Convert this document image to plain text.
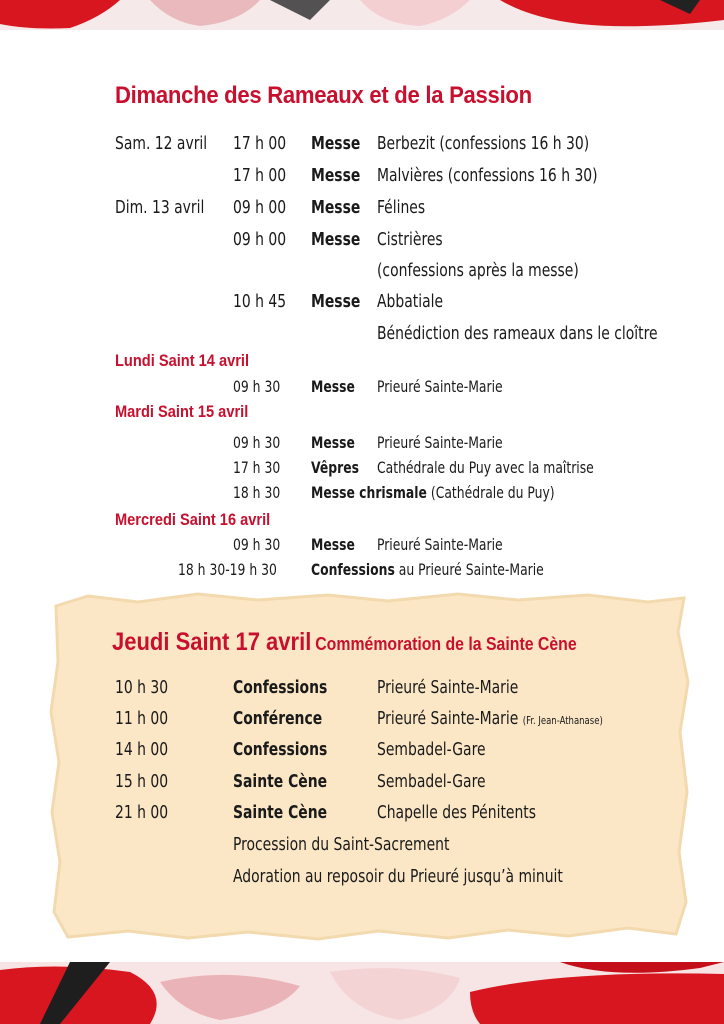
Dimanche des Rameaux et de la Passion
Sam. 12 avril 17 h 00 Messe Berbezit (confessions 16 h 30)
17 h 00 Messe Malvières (confessions 16 h 30)
Dim. 13 avril 09 h 00 Messe Félines
09 h 00 Messe Cistrières
(confessions après la messe)
10 h 45 Messe Abbatiale
Bénédiction des rameaux dans le cloître
Lundi Saint 14 avril
09 h 30 Messe Prieuré Sainte-Marie
Mardi Saint 15 avril
09 h 30 Messe Prieuré Sainte-Marie
17 h 30 Vêpres Cathédrale du Puy avec la maîtrise
18 h 30 Messe chrismale (Cathédrale du Puy)
Mercredi Saint 16 avril
09 h 30 Messe Prieuré Sainte-Marie
18 h 30-19 h 30 Confessions au Prieuré Sainte-Marie
Jeudi Saint 17 avril Commémoration de la Sainte Cène
10 h 30	Confessions	Prieuré Sainte-Marie
11 h 00	Conférence	Prieuré Sainte-Marie (Fr. Jean-Athanase)
14 h 00	Confessions	Sembadel-Gare
15 h 00	Sainte Cène	Sembadel-Gare
21 h 00	Sainte Cène	Chapelle des Pénitents
Procession du Saint-Sacrement
Adoration au reposoir du Prieuré jusqu’à minuit
